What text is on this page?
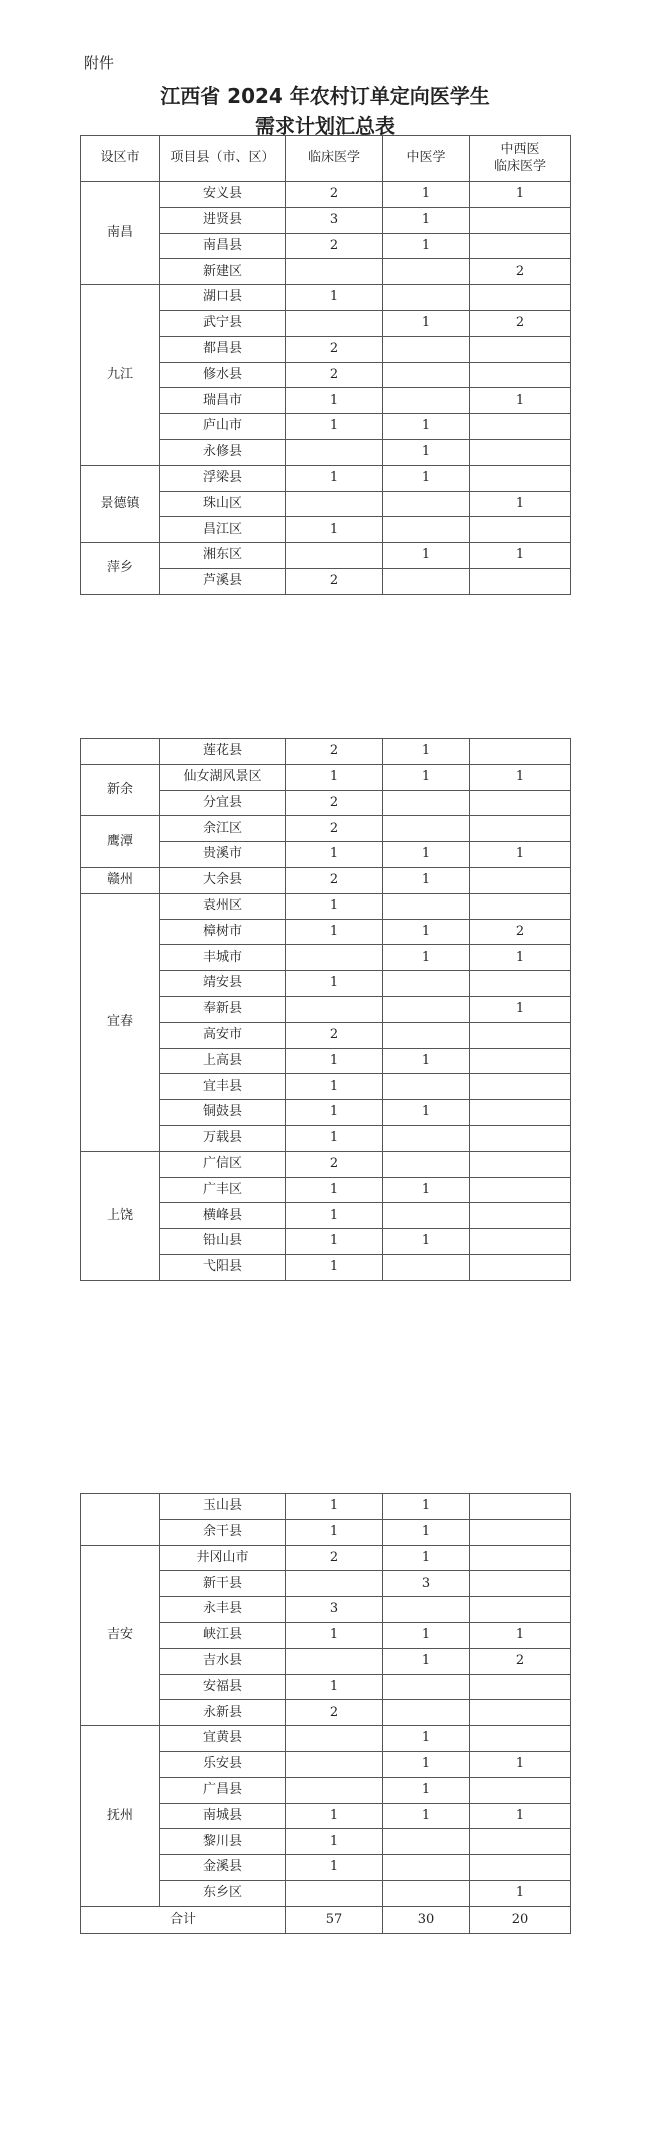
附件
江西省 2024 年农村订单定向医学生
需求计划汇总表
设区市	项目县（市、区）	临床医学	中医学	中西医
临床医学
南昌	安义县	2	1	1
	进贤县	3	1	
	南昌县	2	1	
	新建区			2
九江	湖口县	1		
	武宁县		1	2
	都昌县	2		
	修水县	2		
	瑞昌市	1		1
	庐山市	1	1	
	永修县		1	
景德镇	浮梁县	1	1	
	珠山区			1
	昌江区	1		
萍乡	湘东区		1	1
	芦溪县	2		
	莲花县	2	1	
新余	仙女湖风景区	1	1	1
	分宜县	2		
鹰潭	余江区	2		
	贵溪市	1	1	1
赣州	大余县	2	1	
宜春	袁州区	1		
	樟树市	1	1	2
	丰城市		1	1
	靖安县	1		
	奉新县			1
	高安市	2		
	上高县	1	1	
	宜丰县	1		
	铜鼓县	1	1	
	万载县	1		
上饶	广信区	2		
	广丰区	1	1	
	横峰县	1		
	铅山县	1	1	
	弋阳县	1		
	玉山县	1	1	
	余干县	1	1	
吉安	井冈山市	2	1	
	新干县		3	
	永丰县	3		
	峡江县	1	1	1
	吉水县		1	2
	安福县	1		
	永新县	2		
抚州	宜黄县		1	
	乐安县		1	1
	广昌县		1	
	南城县	1	1	1
	黎川县	1		
	金溪县	1		
	东乡区			1
合计		57	30	20
